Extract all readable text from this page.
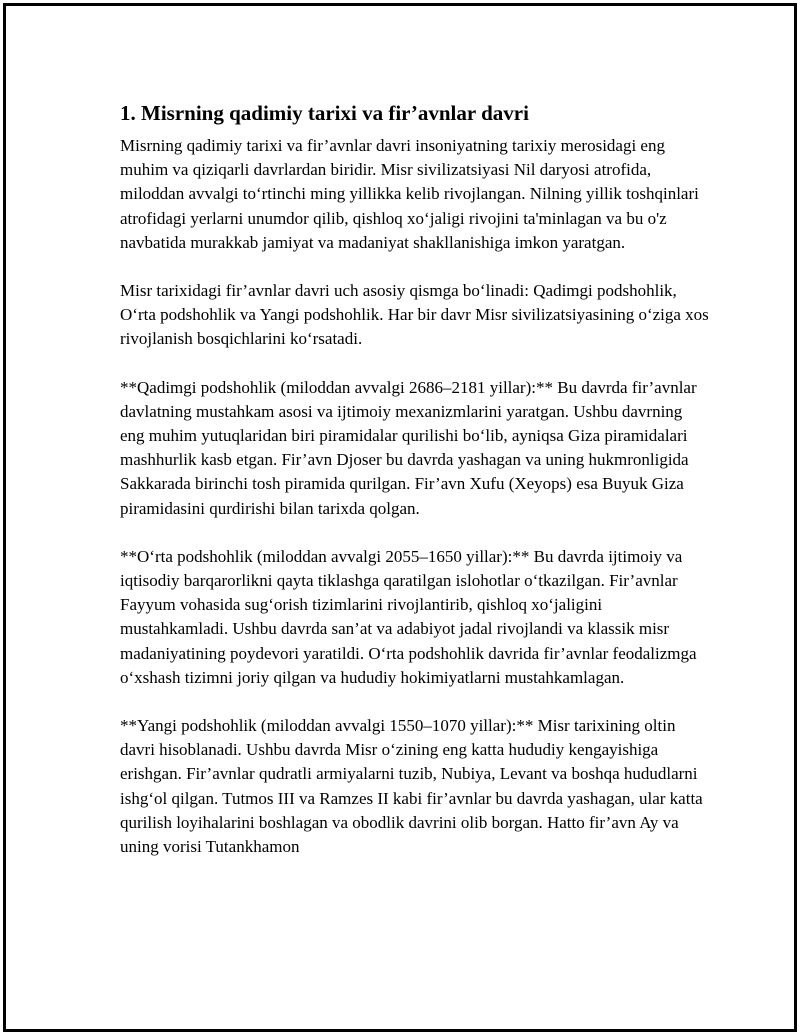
1. Misrning qadimiy tarixi va fir’avnlar davri

Misrning qadimiy tarixi va fir’avnlar davri insoniyatning tarixiy merosidagi eng muhim va qiziqarli davrlardan biridir. Misr sivilizatsiyasi Nil daryosi atrofida, miloddan avvalgi to‘rtinchi ming yillikka kelib rivojlangan. Nilning yillik toshqinlari atrofidagi yerlarni unumdor qilib, qishloq xo‘jaligi rivojini ta'minlagan va bu o'z navbatida murakkab jamiyat va madaniyat shakllanishiga imkon yaratgan.

Misr tarixidagi fir’avnlar davri uch asosiy qismga bo‘linadi: Qadimgi podshohlik, O‘rta podshohlik va Yangi podshohlik. Har bir davr Misr sivilizatsiyasining o‘ziga xos rivojlanish bosqichlarini ko‘rsatadi.

**Qadimgi podshohlik (miloddan avvalgi 2686–2181 yillar):** Bu davrda fir’avnlar davlatning mustahkam asosi va ijtimoiy mexanizmlarini yaratgan. Ushbu davrning eng muhim yutuqlaridan biri piramidalar qurilishi bo‘lib, ayniqsa Giza piramidalari mashhurlik kasb etgan. Fir’avn Djoser bu davrda yashagan va uning hukmronligida Sakkarada birinchi tosh piramida qurilgan. Fir’avn Xufu (Xeyops) esa Buyuk Giza piramidasini qurdirishi bilan tarixda qolgan.

**O‘rta podshohlik (miloddan avvalgi 2055–1650 yillar):** Bu davrda ijtimoiy va iqtisodiy barqarorlikni qayta tiklashga qaratilgan islohotlar o‘tkazilgan. Fir’avnlar Fayyum vohasida sug‘orish tizimlarini rivojlantirib, qishloq xo‘jaligini mustahkamladi. Ushbu davrda san’at va adabiyot jadal rivojlandi va klassik misr madaniyatining poydevori yaratildi. O‘rta podshohlik davrida fir’avnlar feodalizmga o‘xshash tizimni joriy qilgan va hududiy hokimiyatlarni mustahkamlagan.

**Yangi podshohlik (miloddan avvalgi 1550–1070 yillar):** Misr tarixining oltin davri hisoblanadi. Ushbu davrda Misr o‘zining eng katta hududiy kengayishiga erishgan. Fir’avnlar qudratli armiyalarni tuzib, Nubiya, Levant va boshqa hududlarni ishg‘ol qilgan. Tutmos III va Ramzes II kabi fir’avnlar bu davrda yashagan, ular katta qurilish loyihalarini boshlagan va obodlik davrini olib borgan. Hatto fir’avn Ay va uning vorisi Tutankhamon
